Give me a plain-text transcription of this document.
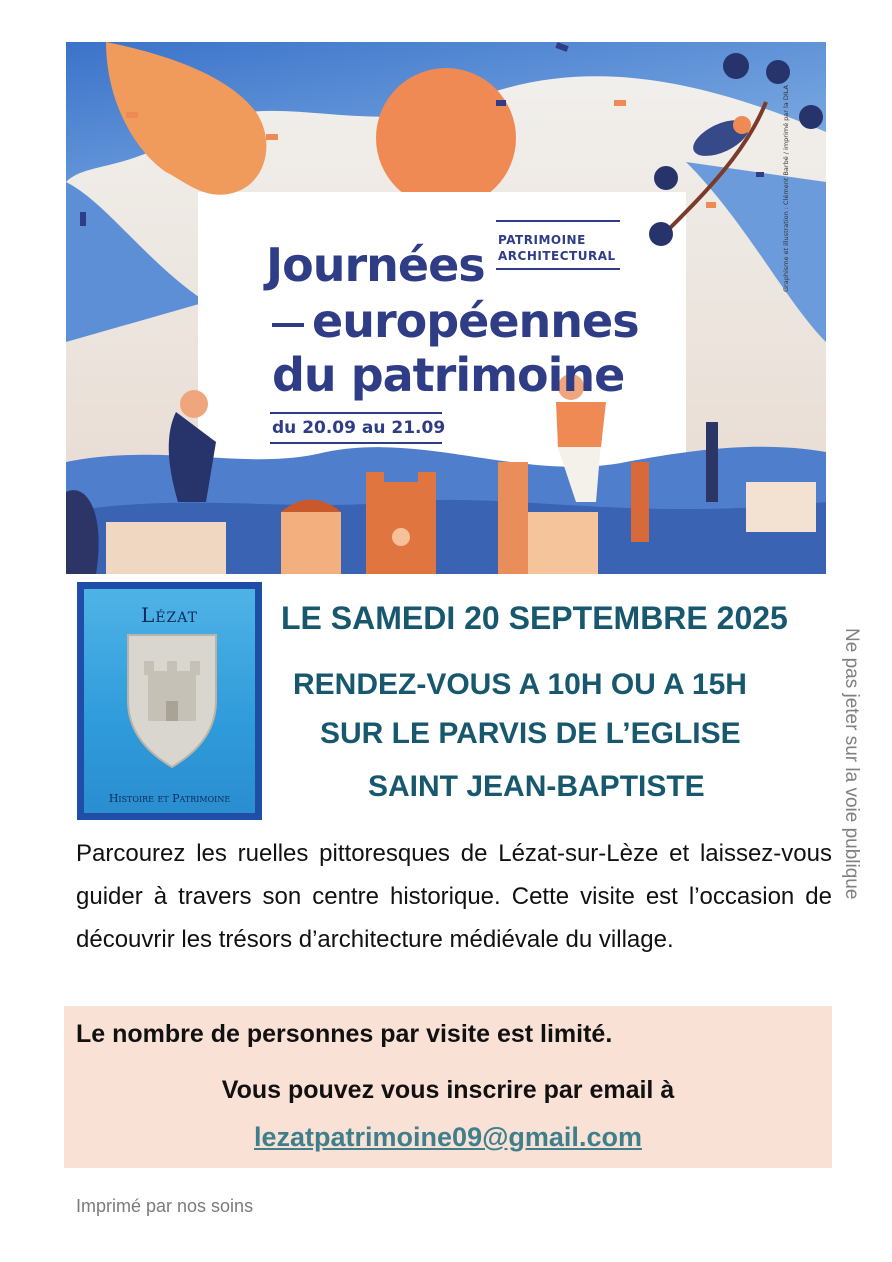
Journées
européennes
du patrimoine
PATRIMOINE
ARCHITECTURAL
du 20.09 au 21.09
Graphisme et illustration : Clément Barbé / imprimé par la DILA
Lézat
Histoire et Patrimoine
LE SAMEDI 20 SEPTEMBRE 2025
RENDEZ-VOUS A 10H OU A 15H
SUR LE PARVIS DE L’EGLISE
SAINT JEAN-BAPTISTE	Ne pas jeter sur la voie publique
Parcourez les ruelles pittoresques de Lézat-sur-Lèze et laissez-vous guider à travers son centre historique. Cette visite est l’occasion de découvrir les trésors d’architecture médiévale du village.
Le nombre de personnes par visite est limité.
Vous pouvez vous inscrire par email à
lezatpatrimoine09@gmail.com
Imprimé par nos soins
